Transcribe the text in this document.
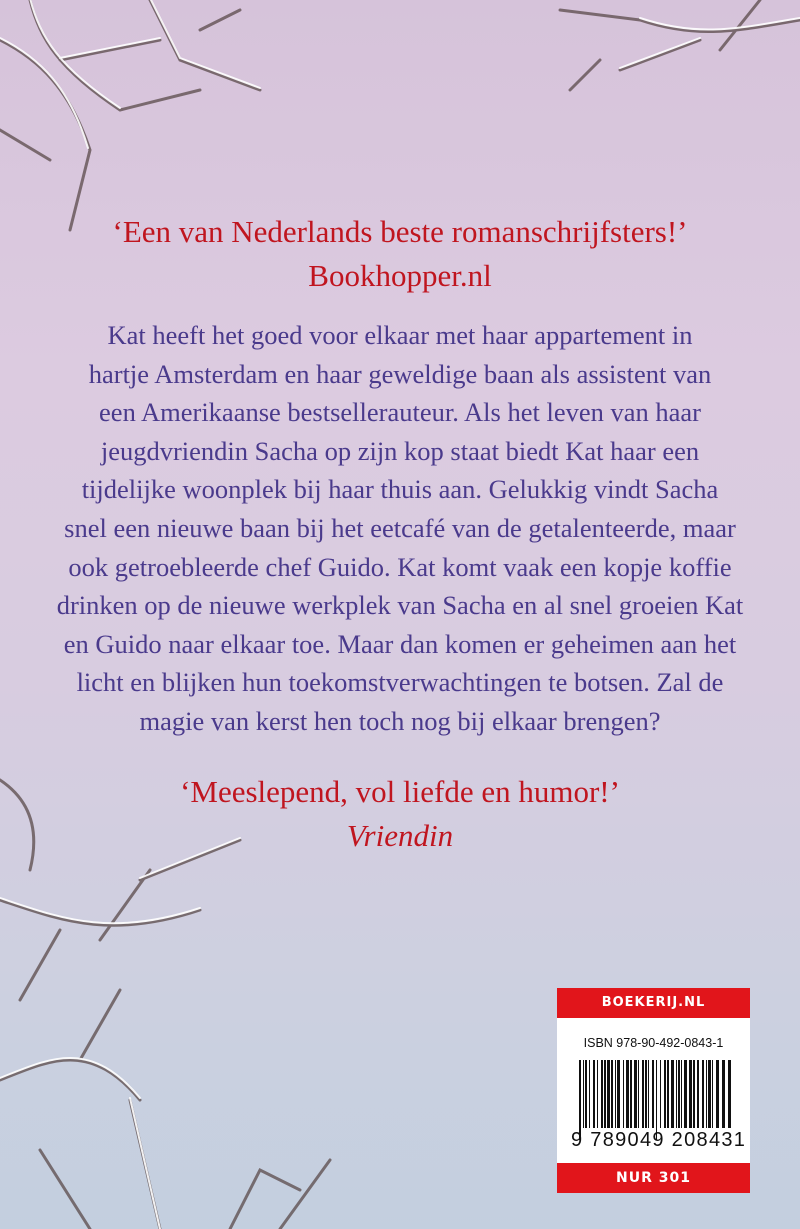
‘Een van Nederlands beste romanschrijfsters!’
Bookhopper.nl
Kat heeft het goed voor elkaar met haar appartement in
hartje Amsterdam en haar geweldige baan als assistent van
een Amerikaanse bestsellerauteur. Als het leven van haar
jeugdvriendin Sacha op zijn kop staat biedt Kat haar een
tijdelijke woonplek bij haar thuis aan. Gelukkig vindt Sacha
snel een nieuwe baan bij het eetcafé van de getalenteerde, maar
ook getroebleerde chef Guido. Kat komt vaak een kopje koffie
drinken op de nieuwe werkplek van Sacha en al snel groeien Kat
en Guido naar elkaar toe. Maar dan komen er geheimen aan het
licht en blijken hun toekomstverwachtingen te botsen. Zal de
magie van kerst hen toch nog bij elkaar brengen?
‘Meeslepend, vol liefde en humor!’
Vriendin
BOEKERIJ.NL
ISBN 978-90-492-0843-1
9 789049 208431
NUR 301
